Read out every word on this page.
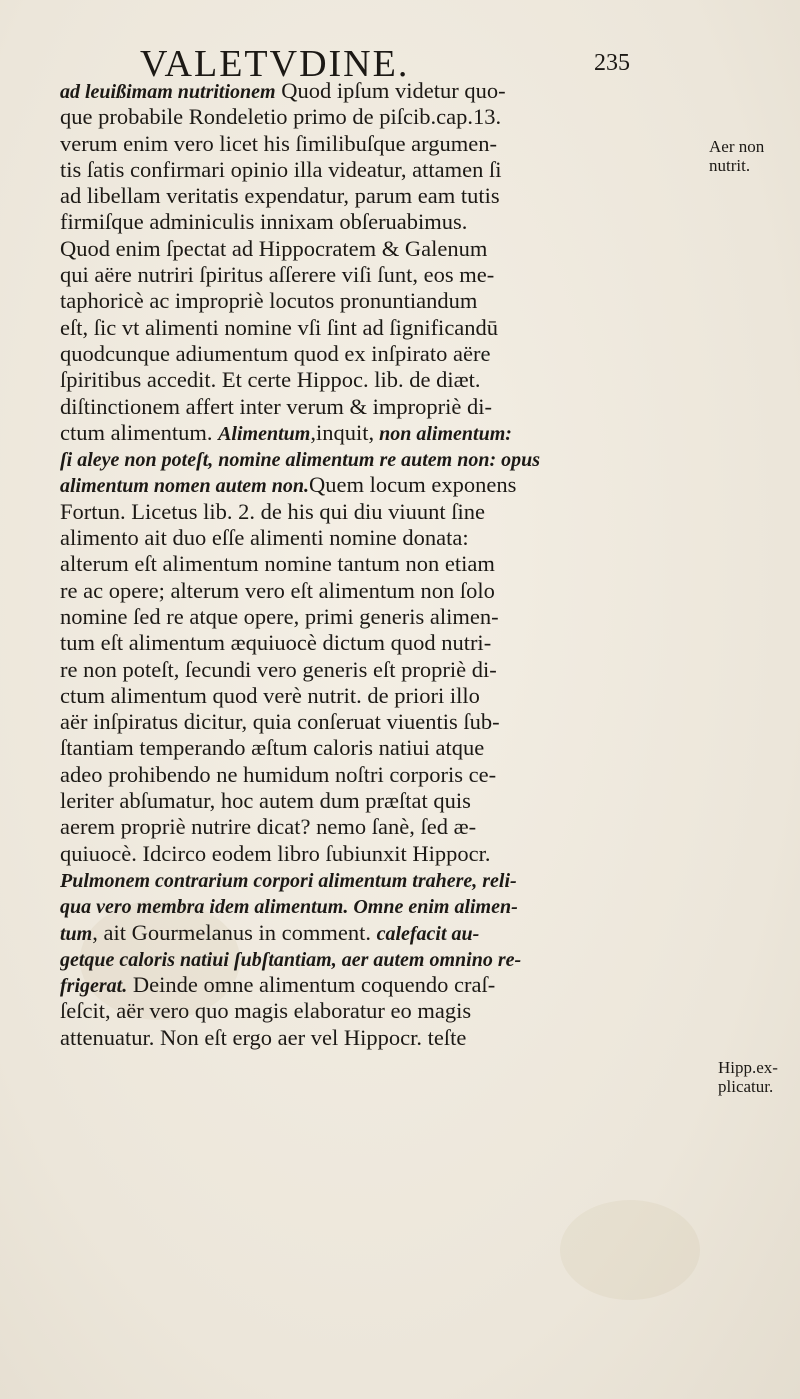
VALETVDINE.	235
ad leuißimam nutritionem Quod ipſum videtur quo-
que probabile Rondeletio primo de piſcib.cap.13.
verum enim vero licet his ſimilibuſque argumen-
tis ſatis confirmari opinio illa videatur, attamen ſi
ad libellam veritatis expendatur, parum eam tutis
firmiſque adminiculis innixam obſeruabimus.
Quod enim ſpectat ad Hippocratem & Galenum
qui aëre nutriri ſpiritus aſſerere viſi ſunt, eos me-
taphoricè ac impropriè locutos pronuntiandum
eſt, ſic vt alimenti nomine vſi ſint ad ſignificandū
quodcunque adiumentum quod ex inſpirato aëre
ſpiritibus accedit. Et certe Hippoc. lib. de diæt.
diſtinctionem affert inter verum & impropriè di-
ctum alimentum. Alimentum,inquit, non alimentum:
ſi aleye non poteſt, nomine alimentum re autem non: opus
alimentum nomen autem non.Quem locum exponens
Fortun. Licetus lib. 2. de his qui diu viuunt ſine
alimento ait duo eſſe alimenti nomine donata:
alterum eſt alimentum nomine tantum non etiam
re ac opere; alterum vero eſt alimentum non ſolo
nomine ſed re atque opere, primi generis alimen-
tum eſt alimentum æquiuocè dictum quod nutri-
re non poteſt, ſecundi vero generis eſt propriè di-
ctum alimentum quod verè nutrit. de priori illo
aër inſpiratus dicitur, quia conſeruat viuentis ſub-
ſtantiam temperando æſtum caloris natiui atque
adeo prohibendo ne humidum noſtri corporis ce-
leriter abſumatur, hoc autem dum præſtat quis
aerem propriè nutrire dicat? nemo ſanè, ſed æ-
quiuocè. Idcirco eodem libro ſubiunxit Hippocr.
Pulmonem contrarium corpori alimentum trahere, reli-
qua vero membra idem alimentum. Omne enim alimen-
tum, ait Gourmelanus in comment. calefacit au-
getque caloris natiui ſubſtantiam, aer autem omnino re-
frigerat. Deinde omne alimentum coquendo craſ-
ſeſcit, aër vero quo magis elaboratur eo magis
attenuatur. Non eſt ergo aer vel Hippocr. teſte
Aer non
nutrit.
Hipp.ex-
plicatur.
